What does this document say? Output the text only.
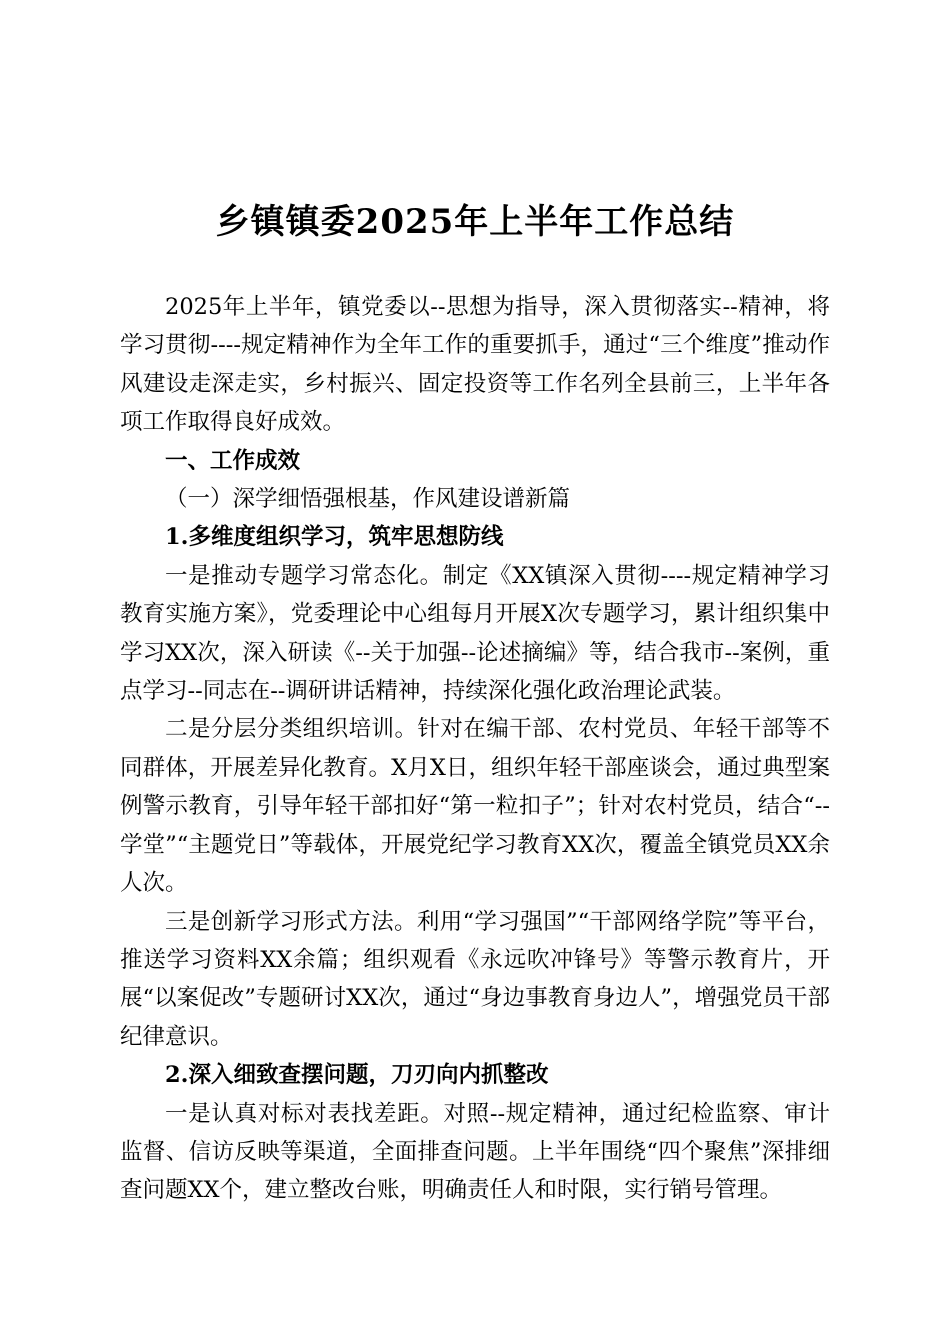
乡镇镇委2025年上半年工作总结

2025年上半年，镇党委以--思想为指导，深入贯彻落实--精神，将学习贯彻----规定精神作为全年工作的重要抓手，通过“三个维度”推动作风建设走深走实，乡村振兴、固定投资等工作名列全县前三，上半年各项工作取得良好成效。

一、工作成效

（一）深学细悟强根基，作风建设谱新篇

1.多维度组织学习，筑牢思想防线

一是推动专题学习常态化。制定《XX镇深入贯彻----规定精神学习教育实施方案》，党委理论中心组每月开展X次专题学习，累计组织集中学习XX次，深入研读《--关于加强--论述摘编》等，结合我市--案例，重点学习--同志在--调研讲话精神，持续深化强化政治理论武装。

二是分层分类组织培训。针对在编干部、农村党员、年轻干部等不同群体，开展差异化教育。X月X日，组织年轻干部座谈会，通过典型案例警示教育，引导年轻干部扣好“第一粒扣子”；针对农村党员，结合“--学堂”“主题党日”等载体，开展党纪学习教育XX次，覆盖全镇党员XX余人次。

三是创新学习形式方法。利用“学习强国”“干部网络学院”等平台，推送学习资料XX余篇；组织观看《永远吹冲锋号》等警示教育片，开展“以案促改”专题研讨XX次，通过“身边事教育身边人”，增强党员干部纪律意识。

2.深入细致查摆问题，刀刃向内抓整改

一是认真对标对表找差距。对照--规定精神，通过纪检监察、审计监督、信访反映等渠道，全面排查问题。上半年围绕“四个聚焦”深排细查问题XX个，建立整改台账，明确责任人和时限，实行销号管理。
